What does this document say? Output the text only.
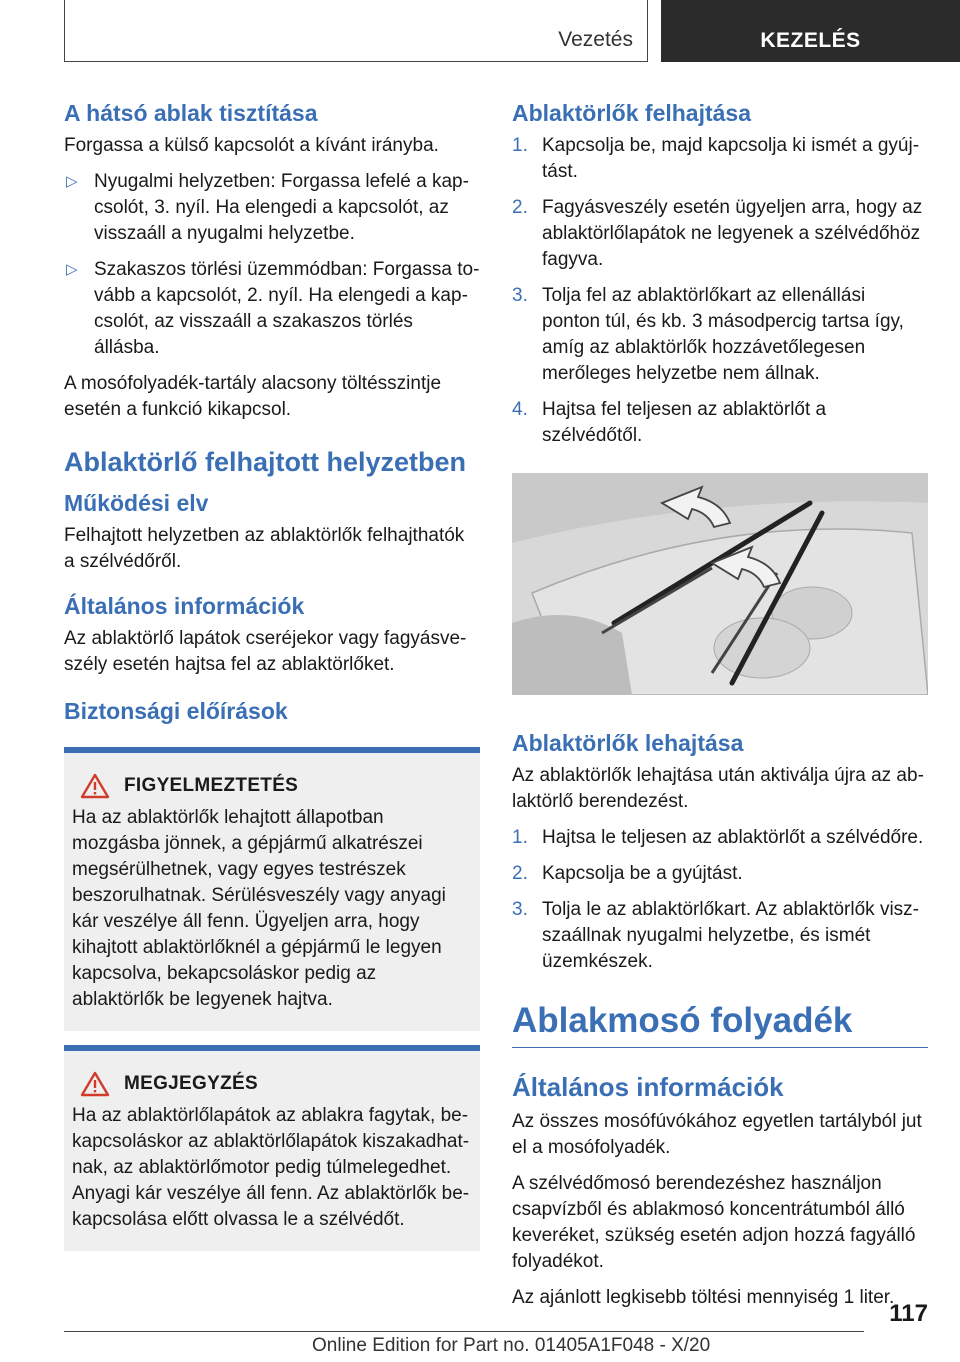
Vezetés	KEZELÉS
A hátsó ablak tisztítása

Forgassa a külső kapcsolót a kívánt irányba.

▷ Nyugalmi helyzetben: Forgassa lefelé a kapcsolót, 3. nyíl. Ha elengedi a kapcsolót, az visszaáll a nyugalmi helyzetbe.
▷ Szakaszos törlési üzemmódban: Forgassa tovább a kapcsolót, 2. nyíl. Ha elengedi a kapcsolót, az visszaáll a szakaszos törlés állásba.

A mosófolyadék-tartály alacsony töltésszintje esetén a funkció kikapcsol.

Ablaktörlő felhajtott helyzetben
Működési elv

Felhajtott helyzetben az ablaktörlők felhajthatók a szélvédőről.

Általános információk

Az ablaktörlő lapátok cseréjekor vagy fagyásveszély esetén hajtsa fel az ablaktörlőket.

Biztonsági előírások
FIGYELMEZTETÉS

Ha az ablaktörlők lehajtott állapotban mozgásba jönnek, a gépjármű alkatrészei megsérülhetnek, vagy egyes testrészek beszorulhatnak. Sérülésveszély vagy anyagi kár veszélye áll fenn. Ügyeljen arra, hogy kihajtott ablaktörlőknél a gépjármű le legyen kapcsolva, bekapcsoláskor pedig az ablaktörlők be legyenek hajtva.

MEGJEGYZÉS

Ha az ablaktörlőlapátok az ablakra fagytak, bekapcsoláskor az ablaktörlőlapátok kiszakadhatnak, az ablaktörlőmotor pedig túlmelegedhet. Anyagi kár veszélye áll fenn. Az ablaktörlők bekapcsolása előtt olvassa le a szélvédőt.

Ablaktörlők felhajtása
1. Kapcsolja be, majd kapcsolja ki ismét a gyújtást.
2. Fagyásveszély esetén ügyeljen arra, hogy az ablaktörlőlapátok ne legyenek a szélvédőhöz fagyva.
3. Tolja fel az ablaktörlőkart az ellenállási ponton túl, és kb. 3 másodpercig tartsa így, amíg az ablaktörlők hozzávetőlegesen merőleges helyzetbe nem állnak.
4. Hajtsa fel teljesen az ablaktörlőt a szélvédőtől.
Ablaktörlők lehajtása

Az ablaktörlők lehajtása után aktiválja újra az ablaktörlő berendezést.

1. Hajtsa le teljesen az ablaktörlőt a szélvédőre.
2. Kapcsolja be a gyújtást.
3. Tolja le az ablaktörlőkart. Az ablaktörlők viszszaállnak nyugalmi helyzetbe, és ismét üzemkészek.
Ablakmosó folyadék
Általános információk

Az összes mosófúvókához egyetlen tartályból jut el a mosófolyadék.

A szélvédőmosó berendezéshez használjon csapvízből és ablakmosó koncentrátumból álló keveréket, szükség esetén adjon hozzá fagyálló folyadékot.

Az ajánlott legkisebb töltési mennyiség 1 liter.

117
Online Edition for Part no. 01405A1F048 - X/20
